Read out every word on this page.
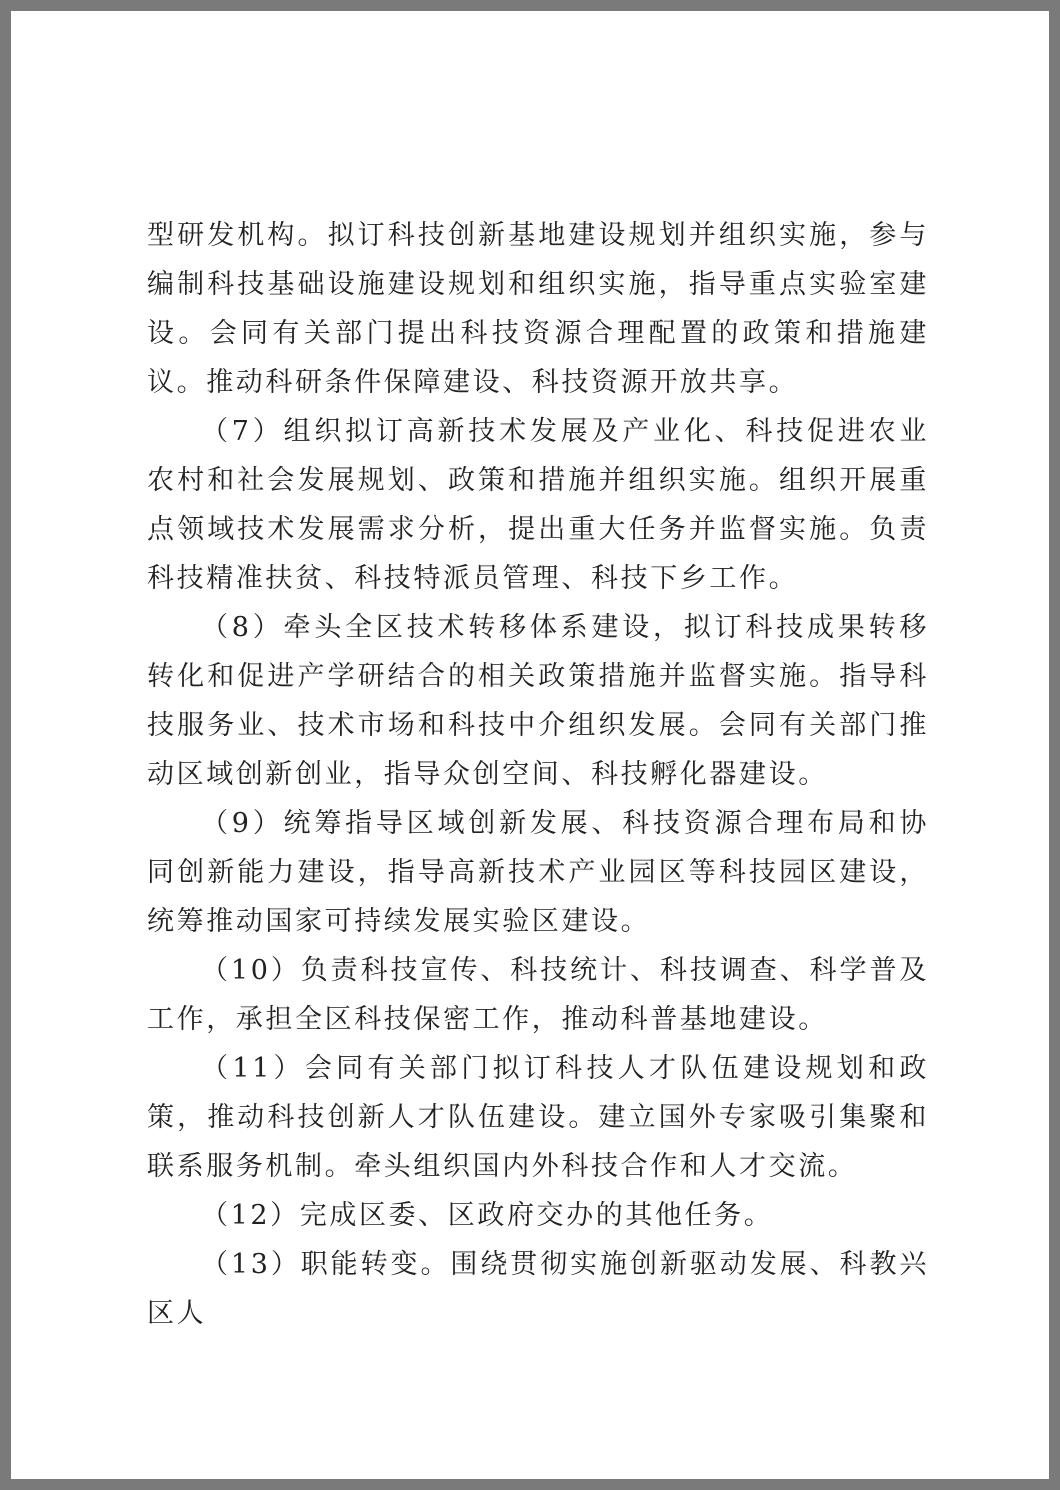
型研发机构。拟订科技创新基地建设规划并组织实施，参与编制科技基础设施建设规划和组织实施，指导重点实验室建设。会同有关部门提出科技资源合理配置的政策和措施建议。推动科研条件保障建设、科技资源开放共享。

（7）组织拟订高新技术发展及产业化、科技促进农业农村和社会发展规划、政策和措施并组织实施。组织开展重点领域技术发展需求分析，提出重大任务并监督实施。负责科技精准扶贫、科技特派员管理、科技下乡工作。

（8）牵头全区技术转移体系建设，拟订科技成果转移转化和促进产学研结合的相关政策措施并监督实施。指导科技服务业、技术市场和科技中介组织发展。会同有关部门推动区域创新创业，指导众创空间、科技孵化器建设。

（9）统筹指导区域创新发展、科技资源合理布局和协同创新能力建设，指导高新技术产业园区等科技园区建设，统筹推动国家可持续发展实验区建设。

（10）负责科技宣传、科技统计、科技调查、科学普及工作，承担全区科技保密工作，推动科普基地建设。

（11）会同有关部门拟订科技人才队伍建设规划和政策，推动科技创新人才队伍建设。建立国外专家吸引集聚和联系服务机制。牵头组织国内外科技合作和人才交流。

（12）完成区委、区政府交办的其他任务。

（13）职能转变。围绕贯彻实施创新驱动发展、科教兴区人
